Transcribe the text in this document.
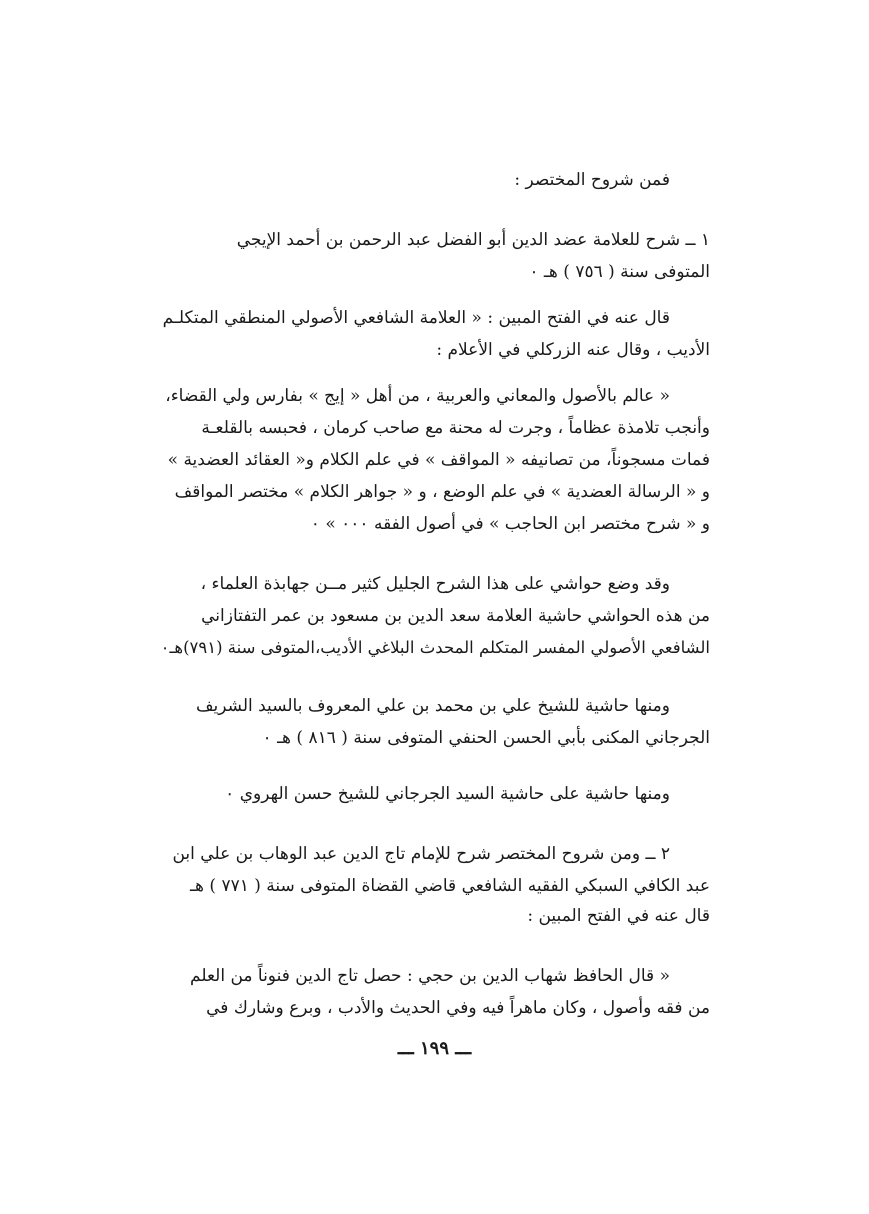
فمن شروح المختصر :
١ ــ شرح للعلامة عضد الدين أبو الفضل عبد الرحمن بن أحمد الإيجي
المتوفى سنة ( ٧٥٦ ) هـ ٠
قال عنه في الفتح المبين : « العلامة الشافعي الأصولي المنطقي المتكلـم
الأديب ، وقال عنه الزركلي في الأعلام :
« عالم بالأصول والمعاني والعربية ، من أهل « إيج » بفارس ولي القضاء،
وأنجب تلامذة عظاماً ، وجرت له محنة مع صاحب كرمان ، فحبسه بالقلعـة
فمات مسجوناً، من تصانيفه « المواقف » في علم الكلام و« العقائد العضدية »
و « الرسالة العضدية » في علم الوضع ، و « جواهر الكلام » مختصر المواقف
و « شرح مختصر ابن الحاجب » في أصول الفقه ٠٠٠ » ٠
وقد وضع حواشي على هذا الشرح الجليل كثير مــن جهابذة العلماء ،
من هذه الحواشي حاشية العلامة سعد الدين بن مسعود بن عمر التفتازاني
الشافعي الأصولي المفسر المتكلم المحدث البلاغي الأديب،المتوفى سنة (٧٩١)هـ٠
ومنها حاشية للشيخ علي بن محمد بن علي المعروف بالسيد الشريف
الجرجاني المكنى بأبي الحسن الحنفي المتوفى سنة ( ٨١٦ ) هـ ٠
ومنها حاشية على حاشية السيد الجرجاني للشيخ حسن الهروي ٠
٢ ــ ومن شروح المختصر شرح للإمام تاج الدين عبد الوهاب بن علي ابن
عبد الكافي السبكي الفقيه الشافعي قاضي القضاة المتوفى سنة ( ٧٧١ ) هـ
قال عنه في الفتح المبين :
« قال الحافظ شهاب الدين بن حجي : حصل تاج الدين فنوناً من العلم
من فقه وأصول ، وكان ماهراً فيه وفي الحديث والأدب ، وبرع وشارك في
ـــ ١٩٩ ـــ
